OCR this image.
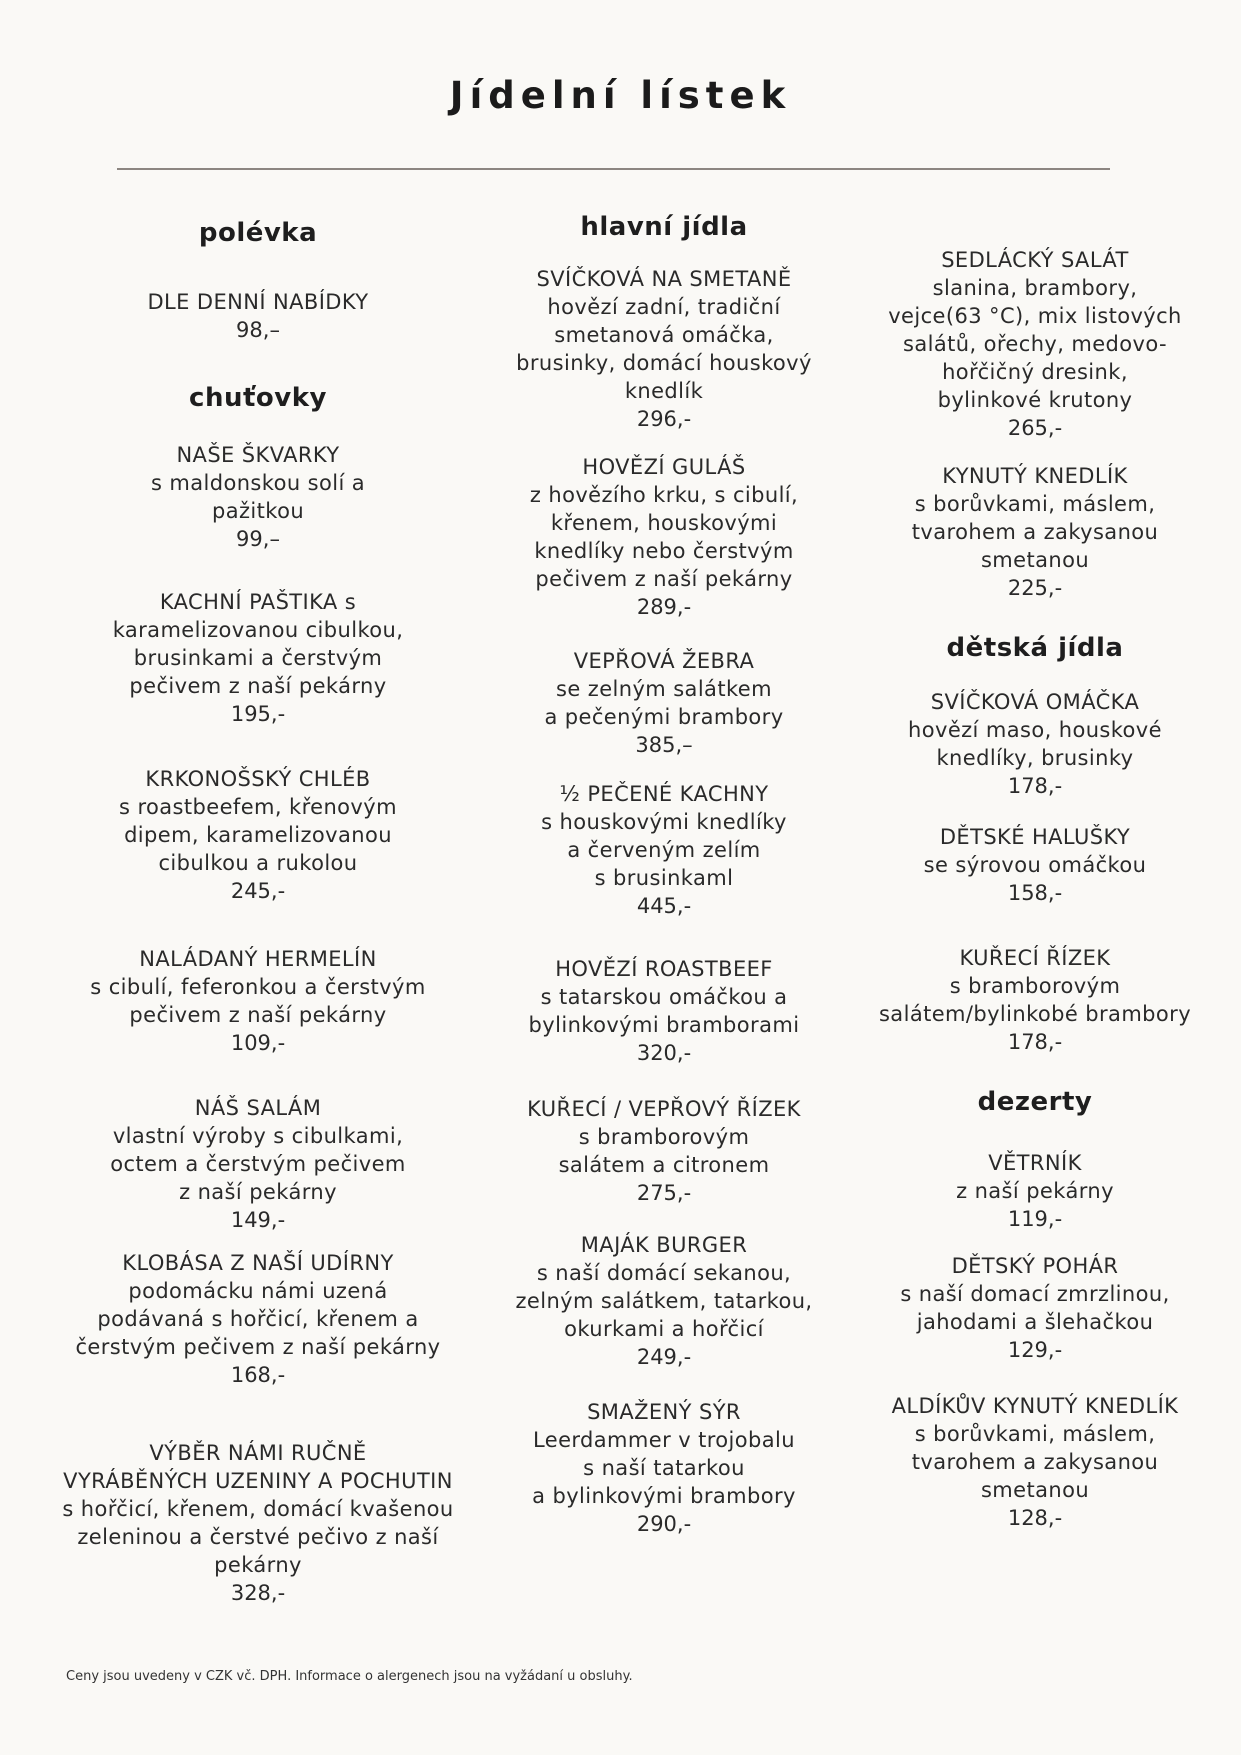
Jídelní lístek
polévka
chuťovky
hlavní jídla
dětská jídla
dezerty
DLE DENNÍ NABÍDKY
98,–
NAŠE ŠKVARKY
s maldonskou solí a
pažitkou
99,–
KACHNÍ PAŠTIKA s
karamelizovanou cibulkou,
brusinkami a čerstvým
pečivem z naší pekárny
195,-
KRKONOŠSKÝ CHLÉB
s roastbeefem, křenovým
dipem, karamelizovanou
cibulkou a rukolou
245,-
NALÁDANÝ HERMELÍN
s cibulí, feferonkou a čerstvým
pečivem z naší pekárny
109,-
NÁŠ SALÁM
vlastní výroby s cibulkami,
octem a čerstvým pečivem
z naší pekárny
149,-
KLOBÁSA Z NAŠÍ UDÍRNY
podomácku námi uzená
podávaná s hořčicí, křenem a
čerstvým pečivem z naší pekárny
168,-
VÝBĚR NÁMI RUČNĚ
VYRÁBĚNÝCH UZENINY A POCHUTIN
s hořčicí, křenem, domácí kvašenou
zeleninou a čerstvé pečivo z naší
pekárny
328,-
SVÍČKOVÁ NA SMETANĚ
hovězí zadní, tradiční
smetanová omáčka,
brusinky, domácí houskový
knedlík
296,-
HOVĚZÍ GULÁŠ
z hovězího krku, s cibulí,
křenem, houskovými
knedlíky nebo čerstvým
pečivem z naší pekárny
289,-
VEPŘOVÁ ŽEBRA
se zelným salátkem
a pečenými brambory
385,–
½ PEČENÉ KACHNY
s houskovými knedlíky
a červeným zelím
s brusinkaml
445,-
HOVĚZÍ ROASTBEEF
s tatarskou omáčkou a
bylinkovými bramborami
320,-
KUŘECÍ / VEPŘOVÝ ŘÍZEK
s bramborovým
salátem a citronem
275,-
MAJÁK BURGER
s naší domácí sekanou,
zelným salátkem, tatarkou,
okurkami a hořčicí
249,-
SMAŽENÝ SÝR
Leerdammer v trojobalu
s naší tatarkou
a bylinkovými brambory
290,-
SEDLÁCKÝ SALÁT
slanina, brambory,
vejce(63 °C), mix listových
salátů, ořechy, medovo-
hořčičný dresink,
bylinkové krutony
265,-
KYNUTÝ KNEDLÍK
s borůvkami, máslem,
tvarohem a zakysanou
smetanou
225,-
SVÍČKOVÁ OMÁČKA
hovězí maso, houskové
knedlíky, brusinky
178,-
DĚTSKÉ HALUŠKY
se sýrovou omáčkou
158,-
KUŘECÍ ŘÍZEK
s bramborovým
salátem/bylinkobé brambory
178,-
VĚTRNÍK
z naší pekárny
119,-
DĚTSKÝ POHÁR
s naší domací zmrzlinou,
jahodami a šlehačkou
129,-
ALDÍKŮV KYNUTÝ KNEDLÍK
s borůvkami, máslem,
tvarohem a zakysanou
smetanou
128,-
Ceny jsou uvedeny v CZK vč. DPH. Informace o alergenech jsou na vyžádaní u obsluhy.
